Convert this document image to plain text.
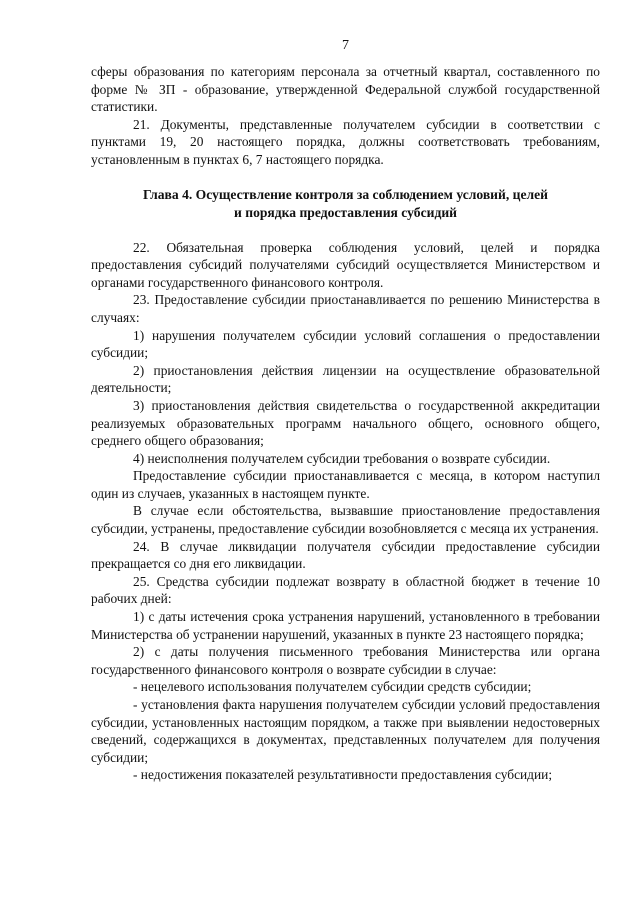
7

сферы образования по категориям персонала за отчетный квартал, составленного по форме № ЗП - образование, утвержденной Федеральной службой государственной статистики.

21. Документы, представленные получателем субсидии в соответствии с пунктами 19, 20 настоящего порядка, должны соответствовать требованиям, установленным в пунктах 6, 7 настоящего порядка.

Глава 4. Осуществление контроля за соблюдением условий, целей
и порядка предоставления субсидий

22. Обязательная проверка соблюдения условий, целей и порядка предоставления субсидий получателями субсидий осуществляется Министерством и органами государственного финансового контроля.

23. Предоставление субсидии приостанавливается по решению Министерства в случаях:

1) нарушения получателем субсидии условий соглашения о предоставлении субсидии;

2) приостановления действия лицензии на осуществление образовательной деятельности;

3) приостановления действия свидетельства о государственной аккредитации реализуемых образовательных программ начального общего, основного общего, среднего общего образования;

4) неисполнения получателем субсидии требования о возврате субсидии.

Предоставление субсидии приостанавливается с месяца, в котором наступил один из случаев, указанных в настоящем пункте.

В случае если обстоятельства, вызвавшие приостановление предоставления субсидии, устранены, предоставление субсидии возобновляется с месяца их устранения.

24. В случае ликвидации получателя субсидии предоставление субсидии прекращается со дня его ликвидации.

25. Средства субсидии подлежат возврату в областной бюджет в течение 10 рабочих дней:

1) с даты истечения срока устранения нарушений, установленного в требовании Министерства об устранении нарушений, указанных в пункте 23 настоящего порядка;

2) с даты получения письменного требования Министерства или органа государственного финансового контроля о возврате субсидии в случае:

- нецелевого использования получателем субсидии средств субсидии;

- установления факта нарушения получателем субсидии условий предоставления субсидии, установленных настоящим порядком, а также при выявлении недостоверных сведений, содержащихся в документах, представленных получателем для получения субсидии;

- недостижения показателей результативности предоставления субсидии;
